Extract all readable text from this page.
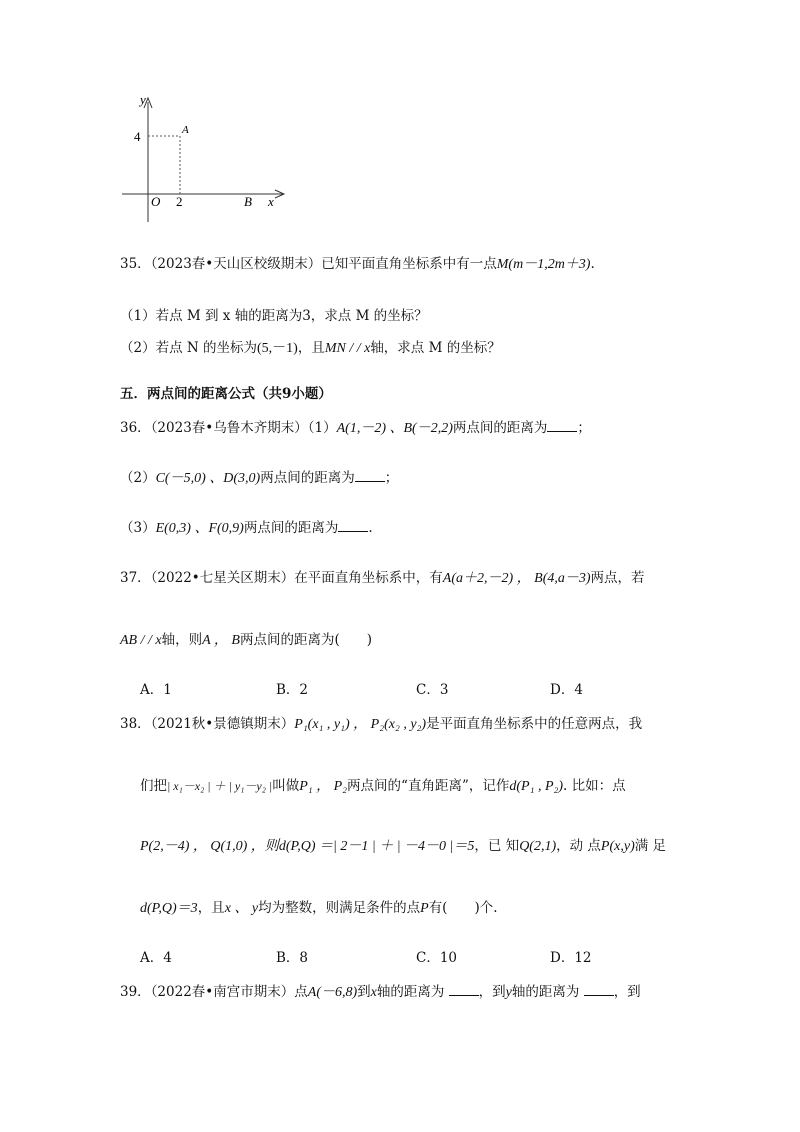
y
4	A
O 2	B x
35．（2023春•天山区校级期末）已知平面直角坐标系中有一点M(m－1,2m＋3).
（1）若点 M 到 x 轴的距离为3，求点 M 的坐标？
（2）若点 N 的坐标为(5,－1)，且MN / / x轴，求点 M 的坐标？
五．两点间的距离公式（共9小题）
36．（2023春•乌鲁木齐期末）（1）A(1,－2) 、B(－2,2)两点间的距离为 ；
（2）C(－5,0) 、D(3,0)两点间的距离为 ；
（3）E(0,3) 、F(0,9)两点间的距离为 .
37．（2022•七星关区期末）在平面直角坐标系中，有A(a＋2,－2) ， B(4,a－3)两点，若
AB / / x轴，则A ， B两点间的距离为(　　)
A．1	B．2	C．3	D．4
38．（2021秋•景德镇期末）P₁(x₁ , y₁) ， P₂(x₂ , y₂)是平面直角坐标系中的任意两点，我
们把| x₁－x₂ | ＋ | y₁－y₂ |叫做P₁ ， P₂两点间的“直角距离”，记作d(P₁ , P₂). 比如：点
P(2,－4) ， Q(1,0) ，则d(P,Q) ＝| 2－1 | ＋ | －4－0 |＝5，已 知Q(2,1)，动 点P(x,y)满 足
d(P,Q)＝3，且x 、 y均为整数，则满足条件的点P有(　　)个.
A．4	B．8	C．10	D．12
39．（2022春•南宫市期末）点A(－6,8)到x轴的距离为	，到y轴的距离为	，到
